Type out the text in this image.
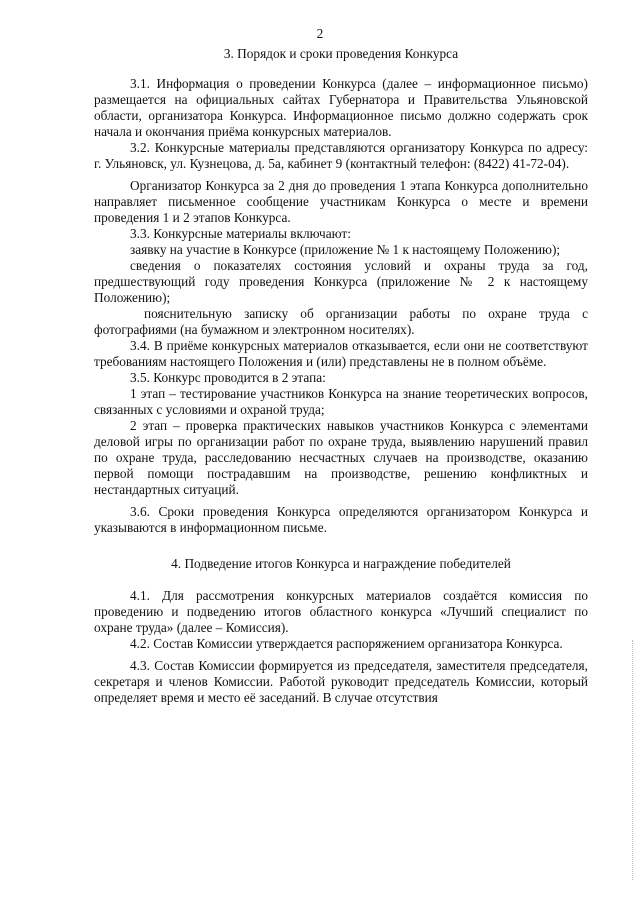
2
3. Порядок и сроки проведения Конкурса

3.1. Информация о проведении Конкурса (далее – информационное письмо) размещается на официальных сайтах Губернатора и Правительства Ульяновской области, организатора Конкурса. Информационное письмо должно содержать срок начала и окончания приёма конкурсных материалов.

3.2. Конкурсные материалы представляются организатору Конкурса по адресу: г. Ульяновск, ул. Кузнецова, д. 5а, кабинет 9 (контактный телефон: (8422) 41-72-04).

Организатор Конкурса за 2 дня до проведения 1 этапа Конкурса дополнительно направляет письменное сообщение участникам Конкурса о месте и времени проведения 1 и 2 этапов Конкурса.

3.3. Конкурсные материалы включают:

заявку на участие в Конкурсе (приложение № 1 к настоящему Положению);

сведения о показателях состояния условий и охраны труда за год, предшествующий году проведения Конкурса (приложение № 2 к настоящему Положению);

пояснительную записку об организации работы по охране труда с фотографиями (на бумажном и электронном носителях).

3.4. В приёме конкурсных материалов отказывается, если они не соответствуют требованиям настоящего Положения и (или) представлены не в полном объёме.

3.5. Конкурс проводится в 2 этапа:

1 этап – тестирование участников Конкурса на знание теоретических вопросов, связанных с условиями и охраной труда;

2 этап – проверка практических навыков участников Конкурса с элементами деловой игры по организации работ по охране труда, выявлению нарушений правил по охране труда, расследованию несчастных случаев на производстве, оказанию первой помощи пострадавшим на производстве, решению конфликтных и нестандартных ситуаций.

3.6. Сроки проведения Конкурса определяются организатором Конкурса и указываются в информационном письме.

4. Подведение итогов Конкурса и награждение победителей

4.1. Для рассмотрения конкурсных материалов создаётся комиссия по проведению и подведению итогов областного конкурса «Лучший специалист по охране труда» (далее – Комиссия).

4.2. Состав Комиссии утверждается распоряжением организатора Конкурса.

4.3. Состав Комиссии формируется из председателя, заместителя председателя, секретаря и членов Комиссии. Работой руководит председатель Комиссии, который определяет время и место её заседаний. В случае отсутствия
